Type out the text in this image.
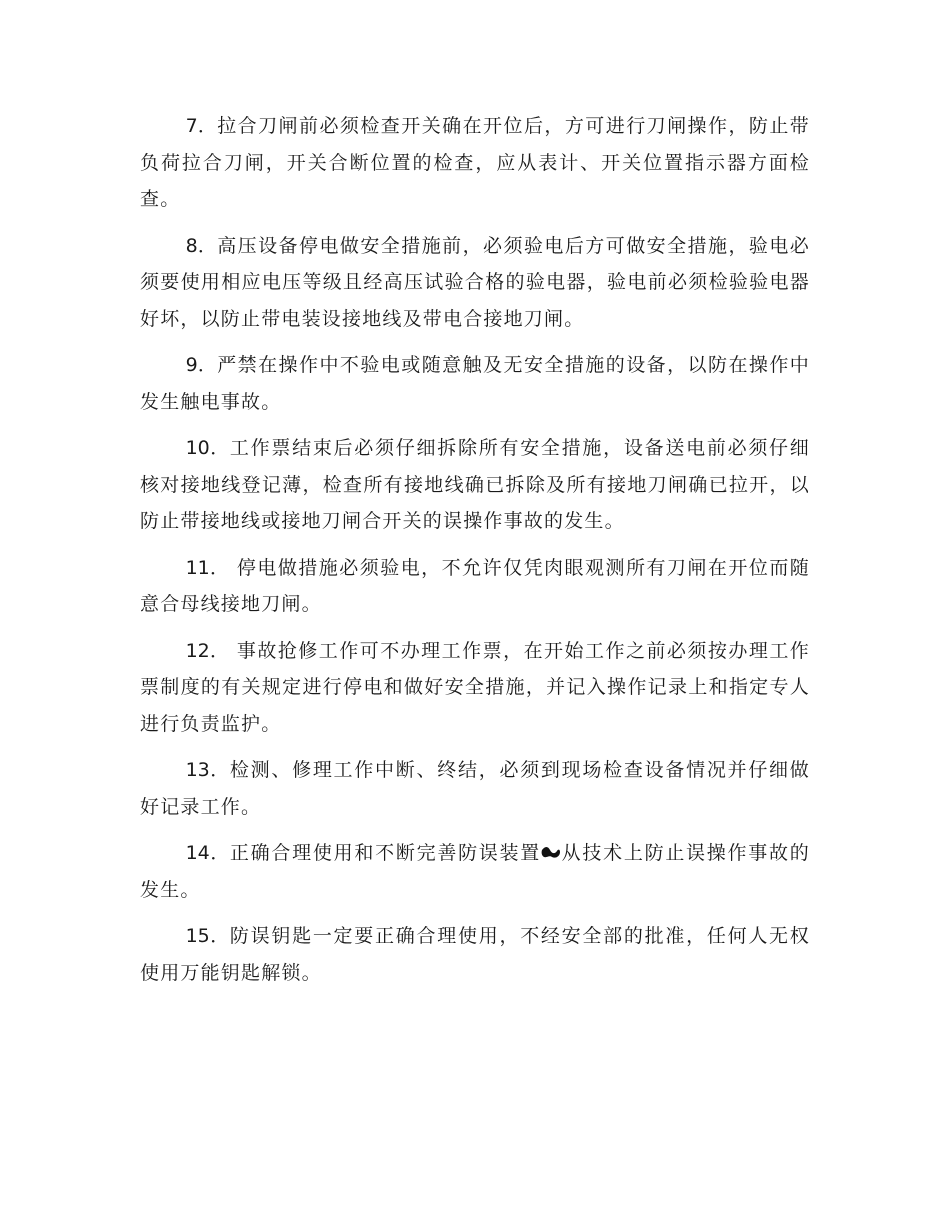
7．拉合刀闸前必须检查开关确在开位后，方可进行刀闸操作，防止带负荷拉合刀闸，开关合断位置的检查，应从表计、开关位置指示器方面检查。

8．高压设备停电做安全措施前，必须验电后方可做安全措施，验电必须要使用相应电压等级且经高压试验合格的验电器，验电前必须检验验电器好坏，以防止带电装设接地线及带电合接地刀闸。

9．严禁在操作中不验电或随意触及无安全措施的设备，以防在操作中发生触电事故。

10．工作票结束后必须仔细拆除所有安全措施，设备送电前必须仔细核对接地线登记薄，检查所有接地线确已拆除及所有接地刀闸确已拉开，以防止带接地线或接地刀闸合开关的误操作事故的发生。

11． 停电做措施必须验电，不允许仅凭肉眼观测所有刀闸在开位而随意合母线接地刀闸。

12． 事故抢修工作可不办理工作票，在开始工作之前必须按办理工作票制度的有关规定进行停电和做好安全措施，并记入操作记录上和指定专人进行负责监护。

13．检测、修理工作中断、终结，必须到现场检查设备情况并仔细做好记录工作。

14．正确合理使用和不断完善防误装置 从技术上防止误操作事故的发生。

15．防误钥匙一定要正确合理使用，不经安全部的批准，任何人无权使用万能钥匙解锁。
